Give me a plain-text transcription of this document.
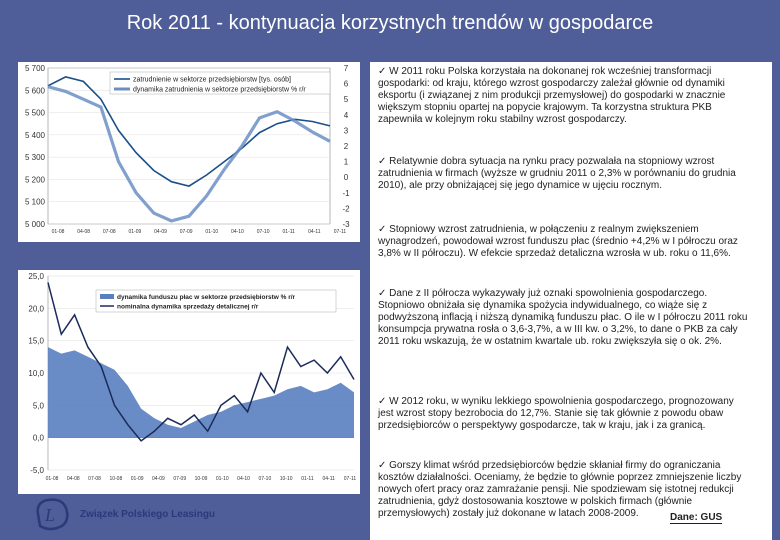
Rok 2011 - kontynuacja korzystnych trendów w gospodarce
5 700
5 600
5 500
5 400
5 300
5 200
5 100
5 000
7
6
5
4
3
2
1
0
-1
-2
-3
01-08	04-08	07-08	01-09	04-09	07-09	01-10	04-10	07-10	01-11	04-11	07-11
zatrudnienie w sektorze przedsiębiorstw [tys. osób]
dynamika zatrudnienia w sektorze przedsiębiorstw % r/r
25,0
20,0
15,0
10,0
5,0
0,0
-5,0
01-08 04-08 07-08 10-08 01-09 04-09 07-09 10-09 01-10 04-10 07-10 10-10 01-11 04-11 07-11
dynamika funduszu płac w sektorze przedsiębiorstw % r/r
nominalna dynamika sprzedaży detalicznej r/r
L Związek Polskiego Leasingu
✓ W 2011 roku Polska korzystała na dokonanej rok wcześniej transformacji gospodarki: od kraju, którego wzrost gospodarczy zależał głównie od dynamiki eksportu (i związanej z nim produkcji przemysłowej) do gospodarki w znacznie większym stopniu opartej na popycie krajowym. Ta korzystna struktura PKB zapewniła w kolejnym roku stabilny wzrost gospodarczy.
✓ Relatywnie dobra sytuacja na rynku pracy pozwalała na stopniowy wzrost zatrudnienia w firmach (wyższe w grudniu 2011 o 2,3% w porównaniu do grudnia 2010), ale przy obniżającej się jego dynamice w ujęciu rocznym.
✓ Stopniowy wzrost zatrudnienia, w połączeniu z realnym zwiększeniem wynagrodzeń, powodował wzrost funduszu płac (średnio +4,2% w I półroczu oraz 3,8% w II półroczu). W efekcie sprzedaż detaliczna wzrosła w ub. roku o 11,6%.
✓ Dane z II półrocza wykazywały już oznaki spowolnienia gospodarczego. Stopniowo obniżała się dynamika spożycia indywidualnego, co wiąże się z podwyższoną inflacją i niższą dynamiką funduszu płac. O ile w I półroczu 2011 roku konsumpcja prywatna rosła o 3,6-3,7%, a w III kw. o 3,2%, to dane o PKB za cały 2011 roku wskazują, że w ostatnim kwartale ub. roku zwiększyła się o ok. 2%.
✓ W 2012 roku, w wyniku lekkiego spowolnienia gospodarczego, prognozowany jest wzrost stopy bezrobocia do 12,7%. Stanie się tak głównie z powodu obaw przedsiębiorców o perspektywy gospodarcze, tak w kraju, jak i za granicą.
✓ Gorszy klimat wśród przedsiębiorców będzie skłaniał firmy do ograniczania kosztów działalności. Oceniamy, że będzie to głównie poprzez zmniejszenie liczby nowych ofert pracy oraz zamrażanie pensji. Nie spodziewam się istotnej redukcji zatrudnienia, gdyż dostosowania kosztowe w polskich firmach (głównie przemysłowych) zostały już dokonane w latach 2008-2009.	Dane: GUS
